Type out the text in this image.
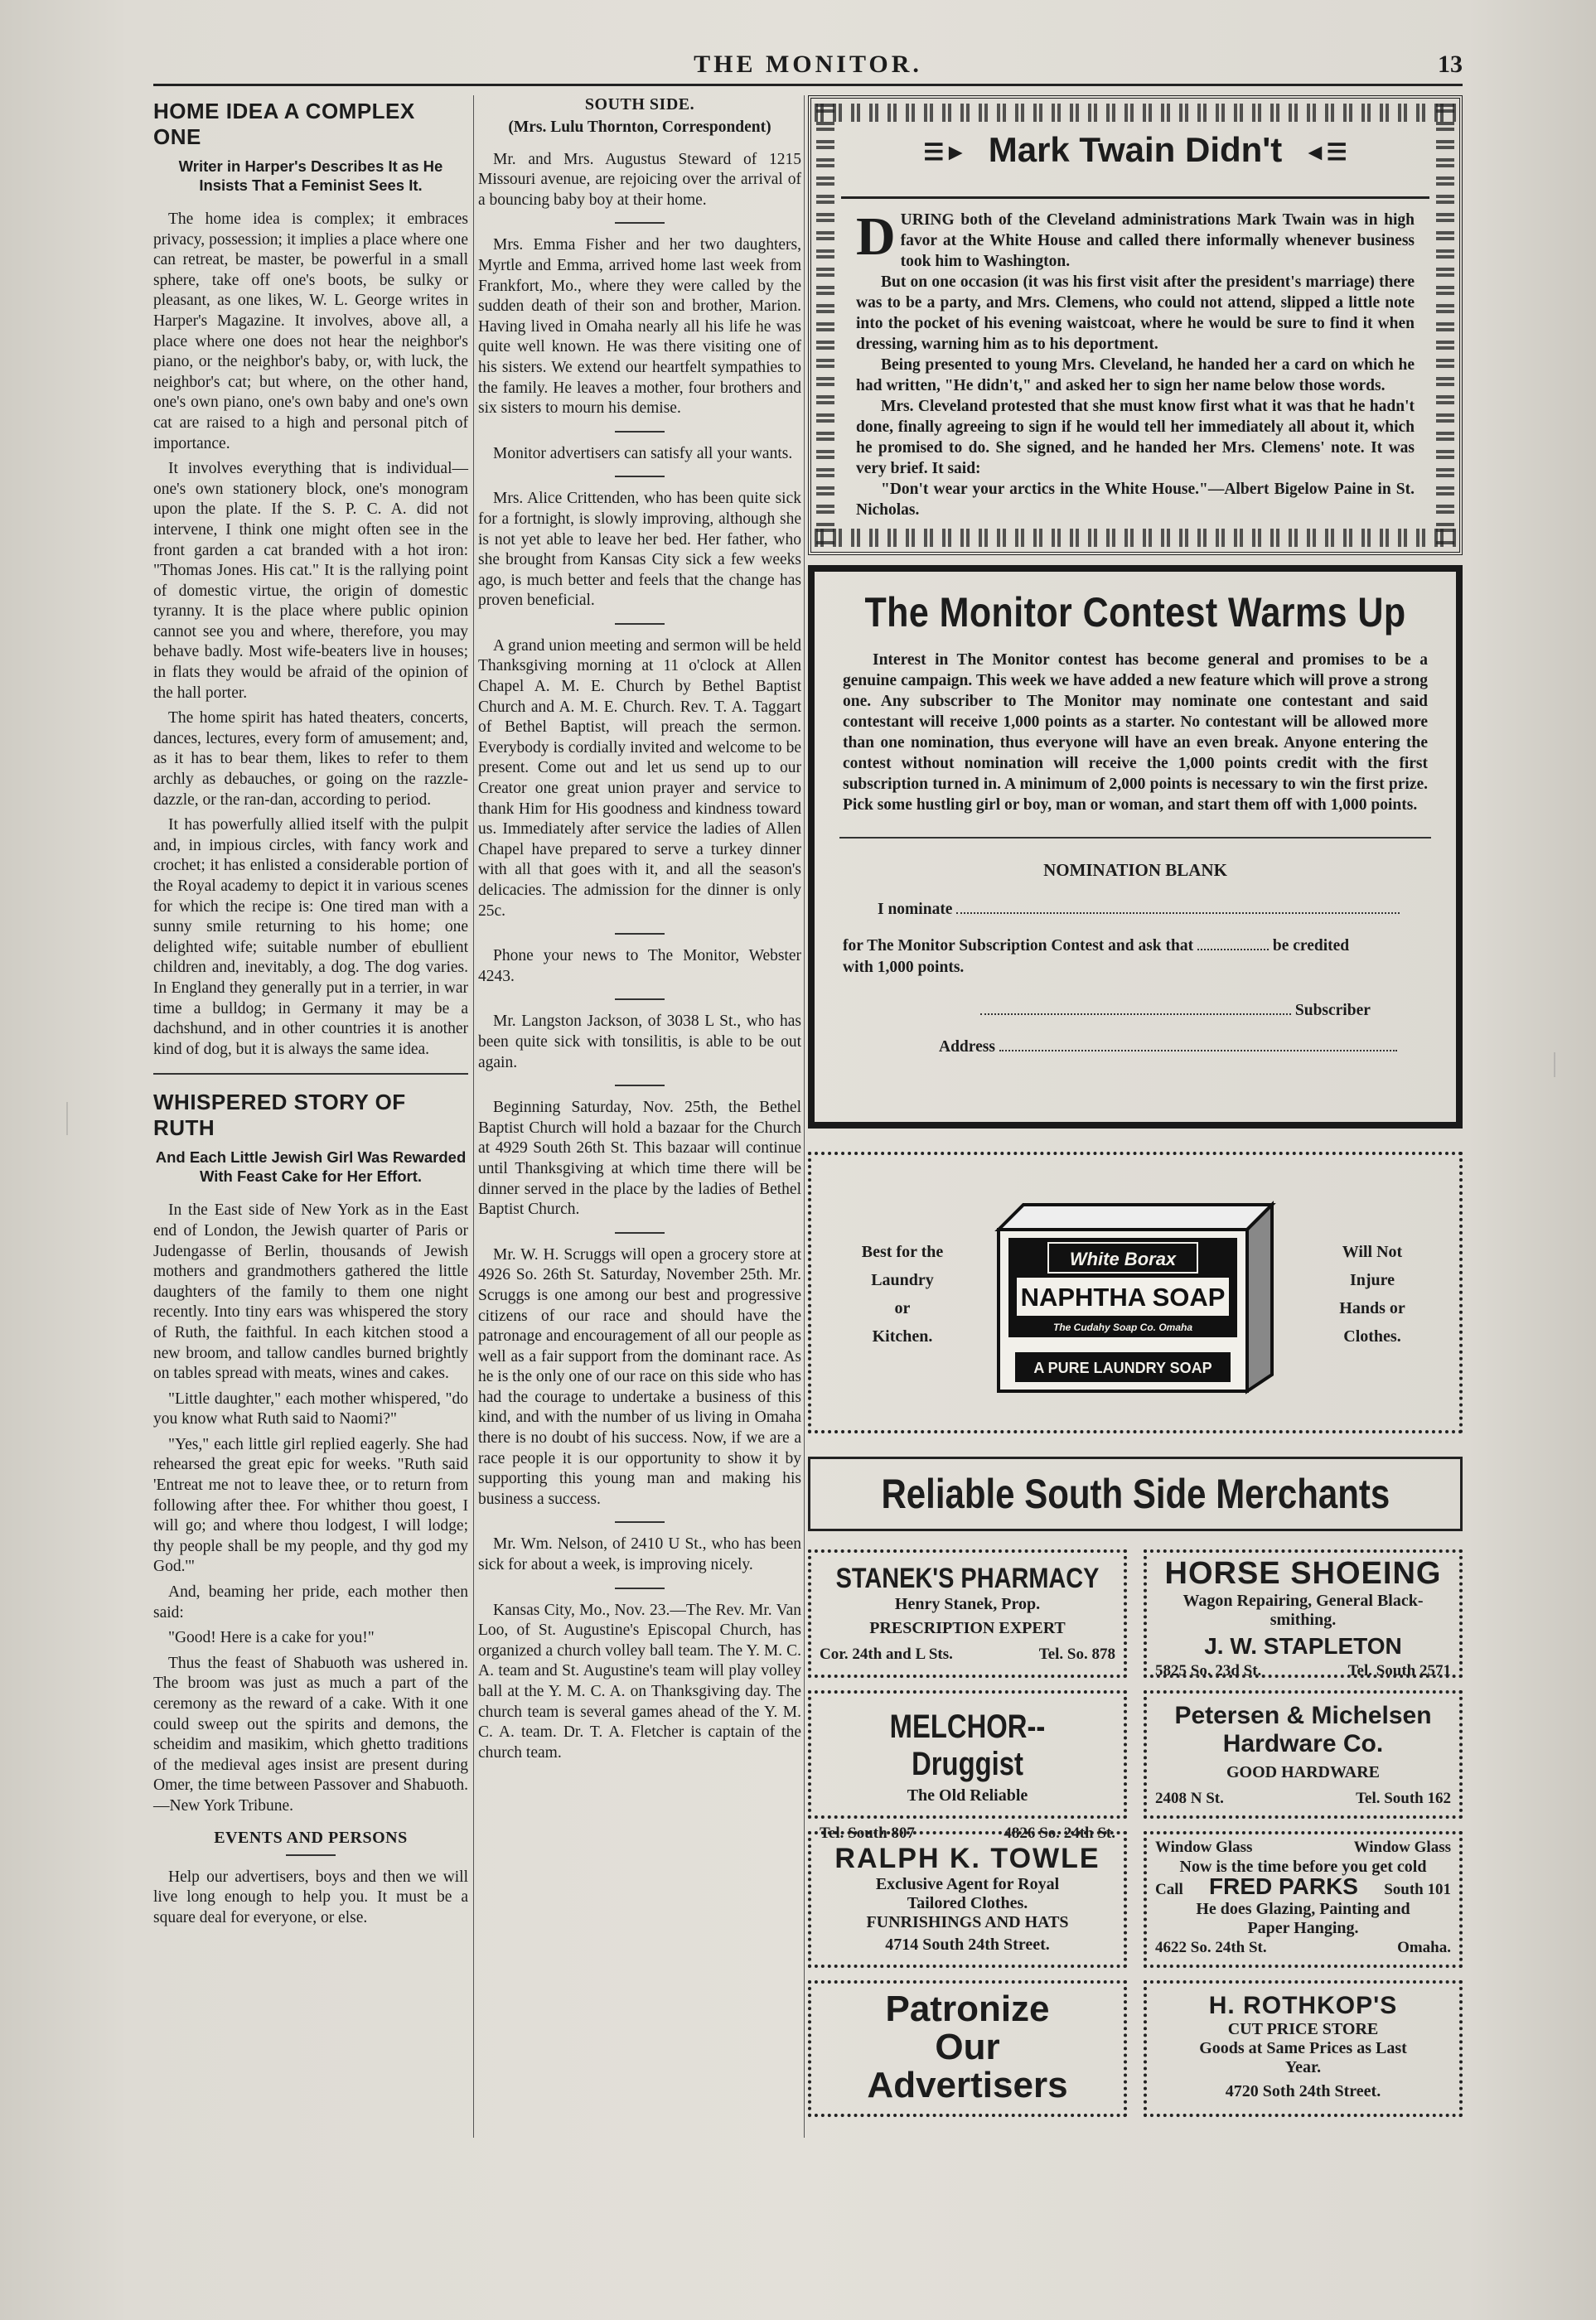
THE MONITOR.	13
HOME IDEA A COMPLEX ONE
Writer in Harper's Describes It as He Insists That a Feminist Sees It.

The home idea is complex; it embraces privacy, possession; it implies a place where one can retreat, be master, be powerful in a small sphere, take off one's boots, be sulky or pleasant, as one likes, W. L. George writes in Harper's Magazine. It involves, above all, a place where one does not hear the neighbor's piano, or the neighbor's baby, or, with luck, the neighbor's cat; but where, on the other hand, one's own piano, one's own baby and one's own cat are raised to a high and personal pitch of importance.

It involves everything that is individual—one's own stationery block, one's monogram upon the plate. If the S. P. C. A. did not intervene, I think one might often see in the front garden a cat branded with a hot iron: "Thomas Jones. His cat." It is the rallying point of domestic virtue, the origin of domestic tyranny. It is the place where public opinion cannot see you and where, therefore, you may behave badly. Most wife-beaters live in houses; in flats they would be afraid of the opinion of the hall porter.

The home spirit has hated theaters, concerts, dances, lectures, every form of amusement; and, as it has to bear them, likes to refer to them archly as debauches, or going on the razzle-dazzle, or the ran-dan, according to period.

It has powerfully allied itself with the pulpit and, in impious circles, with fancy work and crochet; it has enlisted a considerable portion of the Royal academy to depict it in various scenes for which the recipe is: One tired man with a sunny smile returning to his home; one delighted wife; suitable number of ebullient children and, inevitably, a dog. The dog varies. In England they generally put in a terrier, in war time a bulldog; in Germany it may be a dachshund, and in other countries it is another kind of dog, but it is always the same idea.

WHISPERED STORY OF RUTH
And Each Little Jewish Girl Was Rewarded With Feast Cake for Her Effort.

In the East side of New York as in the East end of London, the Jewish quarter of Paris or Judengasse of Berlin, thousands of Jewish mothers and grandmothers gathered the little daughters of the family to them one night recently. Into tiny ears was whispered the story of Ruth, the faithful. In each kitchen stood a new broom, and tallow candles burned brightly on tables spread with meats, wines and cakes.

"Little daughter," each mother whispered, "do you know what Ruth said to Naomi?"

"Yes," each little girl replied eagerly. She had rehearsed the great epic for weeks. "Ruth said 'Entreat me not to leave thee, or to return from following after thee. For whither thou goest, I will go; and where thou lodgest, I will lodge; thy people shall be my people, and thy god my God.'"

And, beaming her pride, each mother then said:

"Good! Here is a cake for you!"

Thus the feast of Shabuoth was ushered in. The broom was just as much a part of the ceremony as the reward of a cake. With it one could sweep out the spirits and demons, the scheidim and masikim, which ghetto traditions of the medieval ages insist are present during Omer, the time between Passover and Shabuoth.—New York Tribune.

EVENTS AND PERSONS

Help our advertisers, boys and then we will live long enough to help you. It must be a square deal for everyone, or else.

SOUTH SIDE.

(Mrs. Lulu Thornton, Correspondent)

Mr. and Mrs. Augustus Steward of 1215 Missouri avenue, are rejoicing over the arrival of a bouncing baby boy at their home.

Mrs. Emma Fisher and her two daughters, Myrtle and Emma, arrived home last week from Frankfort, Mo., where they were called by the sudden death of their son and brother, Marion. Having lived in Omaha nearly all his life he was quite well known. He was there visiting one of his sisters. We extend our heartfelt sympathies to the family. He leaves a mother, four brothers and six sisters to mourn his demise.

Monitor advertisers can satisfy all your wants.

Mrs. Alice Crittenden, who has been quite sick for a fortnight, is slowly improving, although she is not yet able to leave her bed. Her father, who she brought from Kansas City sick a few weeks ago, is much better and feels that the change has proven beneficial.

A grand union meeting and sermon will be held Thanksgiving morning at 11 o'clock at Allen Chapel A. M. E. Church by Bethel Baptist Church and A. M. E. Church. Rev. T. A. Taggart of Bethel Baptist, will preach the sermon. Everybody is cordially invited and welcome to be present. Come out and let us send up to our Creator one great union prayer and service to thank Him for His goodness and kindness toward us. Immediately after service the ladies of Allen Chapel have prepared to serve a turkey dinner with all that goes with it, and all the season's delicacies. The admission for the dinner is only 25c.

Phone your news to The Monitor, Webster 4243.

Mr. Langston Jackson, of 3038 L St., who has been quite sick with tonsilitis, is able to be out again.

Beginning Saturday, Nov. 25th, the Bethel Baptist Church will hold a bazaar for the Church at 4929 South 26th St. This bazaar will continue until Thanksgiving at which time there will be dinner served in the place by the ladies of Bethel Baptist Church.

Mr. W. H. Scruggs will open a grocery store at 4926 So. 26th St. Saturday, November 25th. Mr. Scruggs is one among our best and progressive citizens of our race and should have the patronage and encouragement of all our people as well as a fair support from the dominant race. As he is the only one of our race on this side who has had the courage to undertake a business of this kind, and with the number of us living in Omaha there is no doubt of his success. Now, if we are a race people it is our opportunity to show it by supporting this young man and making his business a success.

Mr. Wm. Nelson, of 2410 U St., who has been sick for about a week, is improving nicely.

Kansas City, Mo., Nov. 23.—The Rev. Mr. Van Loo, of St. Augustine's Episcopal Church, has organized a church volley ball team. The Y. M. C. A. team and St. Augustine's team will play volley ball at the Y. M. C. A. on Thanksgiving day. The church team is several games ahead of the Y. M. C. A. team. Dr. T. A. Fletcher is captain of the church team.

☰► Mark Twain Didn't ◄☰

DURING both of the Cleveland administrations Mark Twain was in high favor at the White House and called there informally whenever business took him to Washington.

But on one occasion (it was his first visit after the president's marriage) there was to be a party, and Mrs. Clemens, who could not attend, slipped a little note into the pocket of his evening waistcoat, where he would be sure to find it when dressing, warning him as to his deportment.

Being presented to young Mrs. Cleveland, he handed her a card on which he had written, "He didn't," and asked her to sign her name below those words.

Mrs. Cleveland protested that she must know first what it was that he hadn't done, finally agreeing to sign if he would tell her immediately all about it, which he promised to do. She signed, and he handed her Mrs. Clemens' note. It was very brief. It said:

"Don't wear your arctics in the White House."—Albert Bigelow Paine in St. Nicholas.

The Monitor Contest Warms Up

Interest in The Monitor contest has become general and promises to be a genuine campaign. This week we have added a new feature which will prove a strong one. Any subscriber to The Monitor may nominate one contestant and said contestant will receive 1,000 points as a starter. No contestant will be allowed more than one nomination, thus everyone will have an even break. Anyone entering the contest without nomination will receive the 1,000 points credit with the first subscription turned in. A minimum of 2,000 points is necessary to win the first prize. Pick some hustling girl or boy, man or woman, and start them off with 1,000 points.

NOMINATION BLANK
I nominate
for The Monitor Subscription Contest and ask that	be credited
with 1,000 points.
Subscriber
Address
Best for the
Laundry
or
Kitchen.
White Borax
NAPHTHA SOAP
The Cudahy Soap Co. Omaha
A PURE LAUNDRY SOAP
Will Not
Injure
Hands or
Clothes.
Reliable South Side Merchants
STANEK'S PHARMACY
Henry Stanek, Prop.
PRESCRIPTION EXPERT
Cor. 24th and L Sts.	Tel. So. 878
MELCHOR--Druggist
The Old Reliable
Tel. South 807	4826 So. 24th St.
RALPH K. TOWLE
Exclusive Agent for Royal
Tailored Clothes.
FUNRISHINGS AND HATS
4714 South 24th Street.
Patronize
Our
Advertisers
HORSE SHOEING
Wagon Repairing, General Black-
smithing.
J. W. STAPLETON
5825 So. 23d St.	Tel. South 2571
Petersen & Michelsen
Hardware Co.
GOOD HARDWARE
2408 N St.	Tel. South 162
Window Glass	Window Glass
Now is the time before you get cold
Call FRED PARKS South 101
He does Glazing, Painting and
Paper Hanging.
4622 So. 24th St.	Omaha.
H. ROTHKOP'S
CUT PRICE STORE
Goods at Same Prices as Last
Year.
4720 Soth 24th Street.
